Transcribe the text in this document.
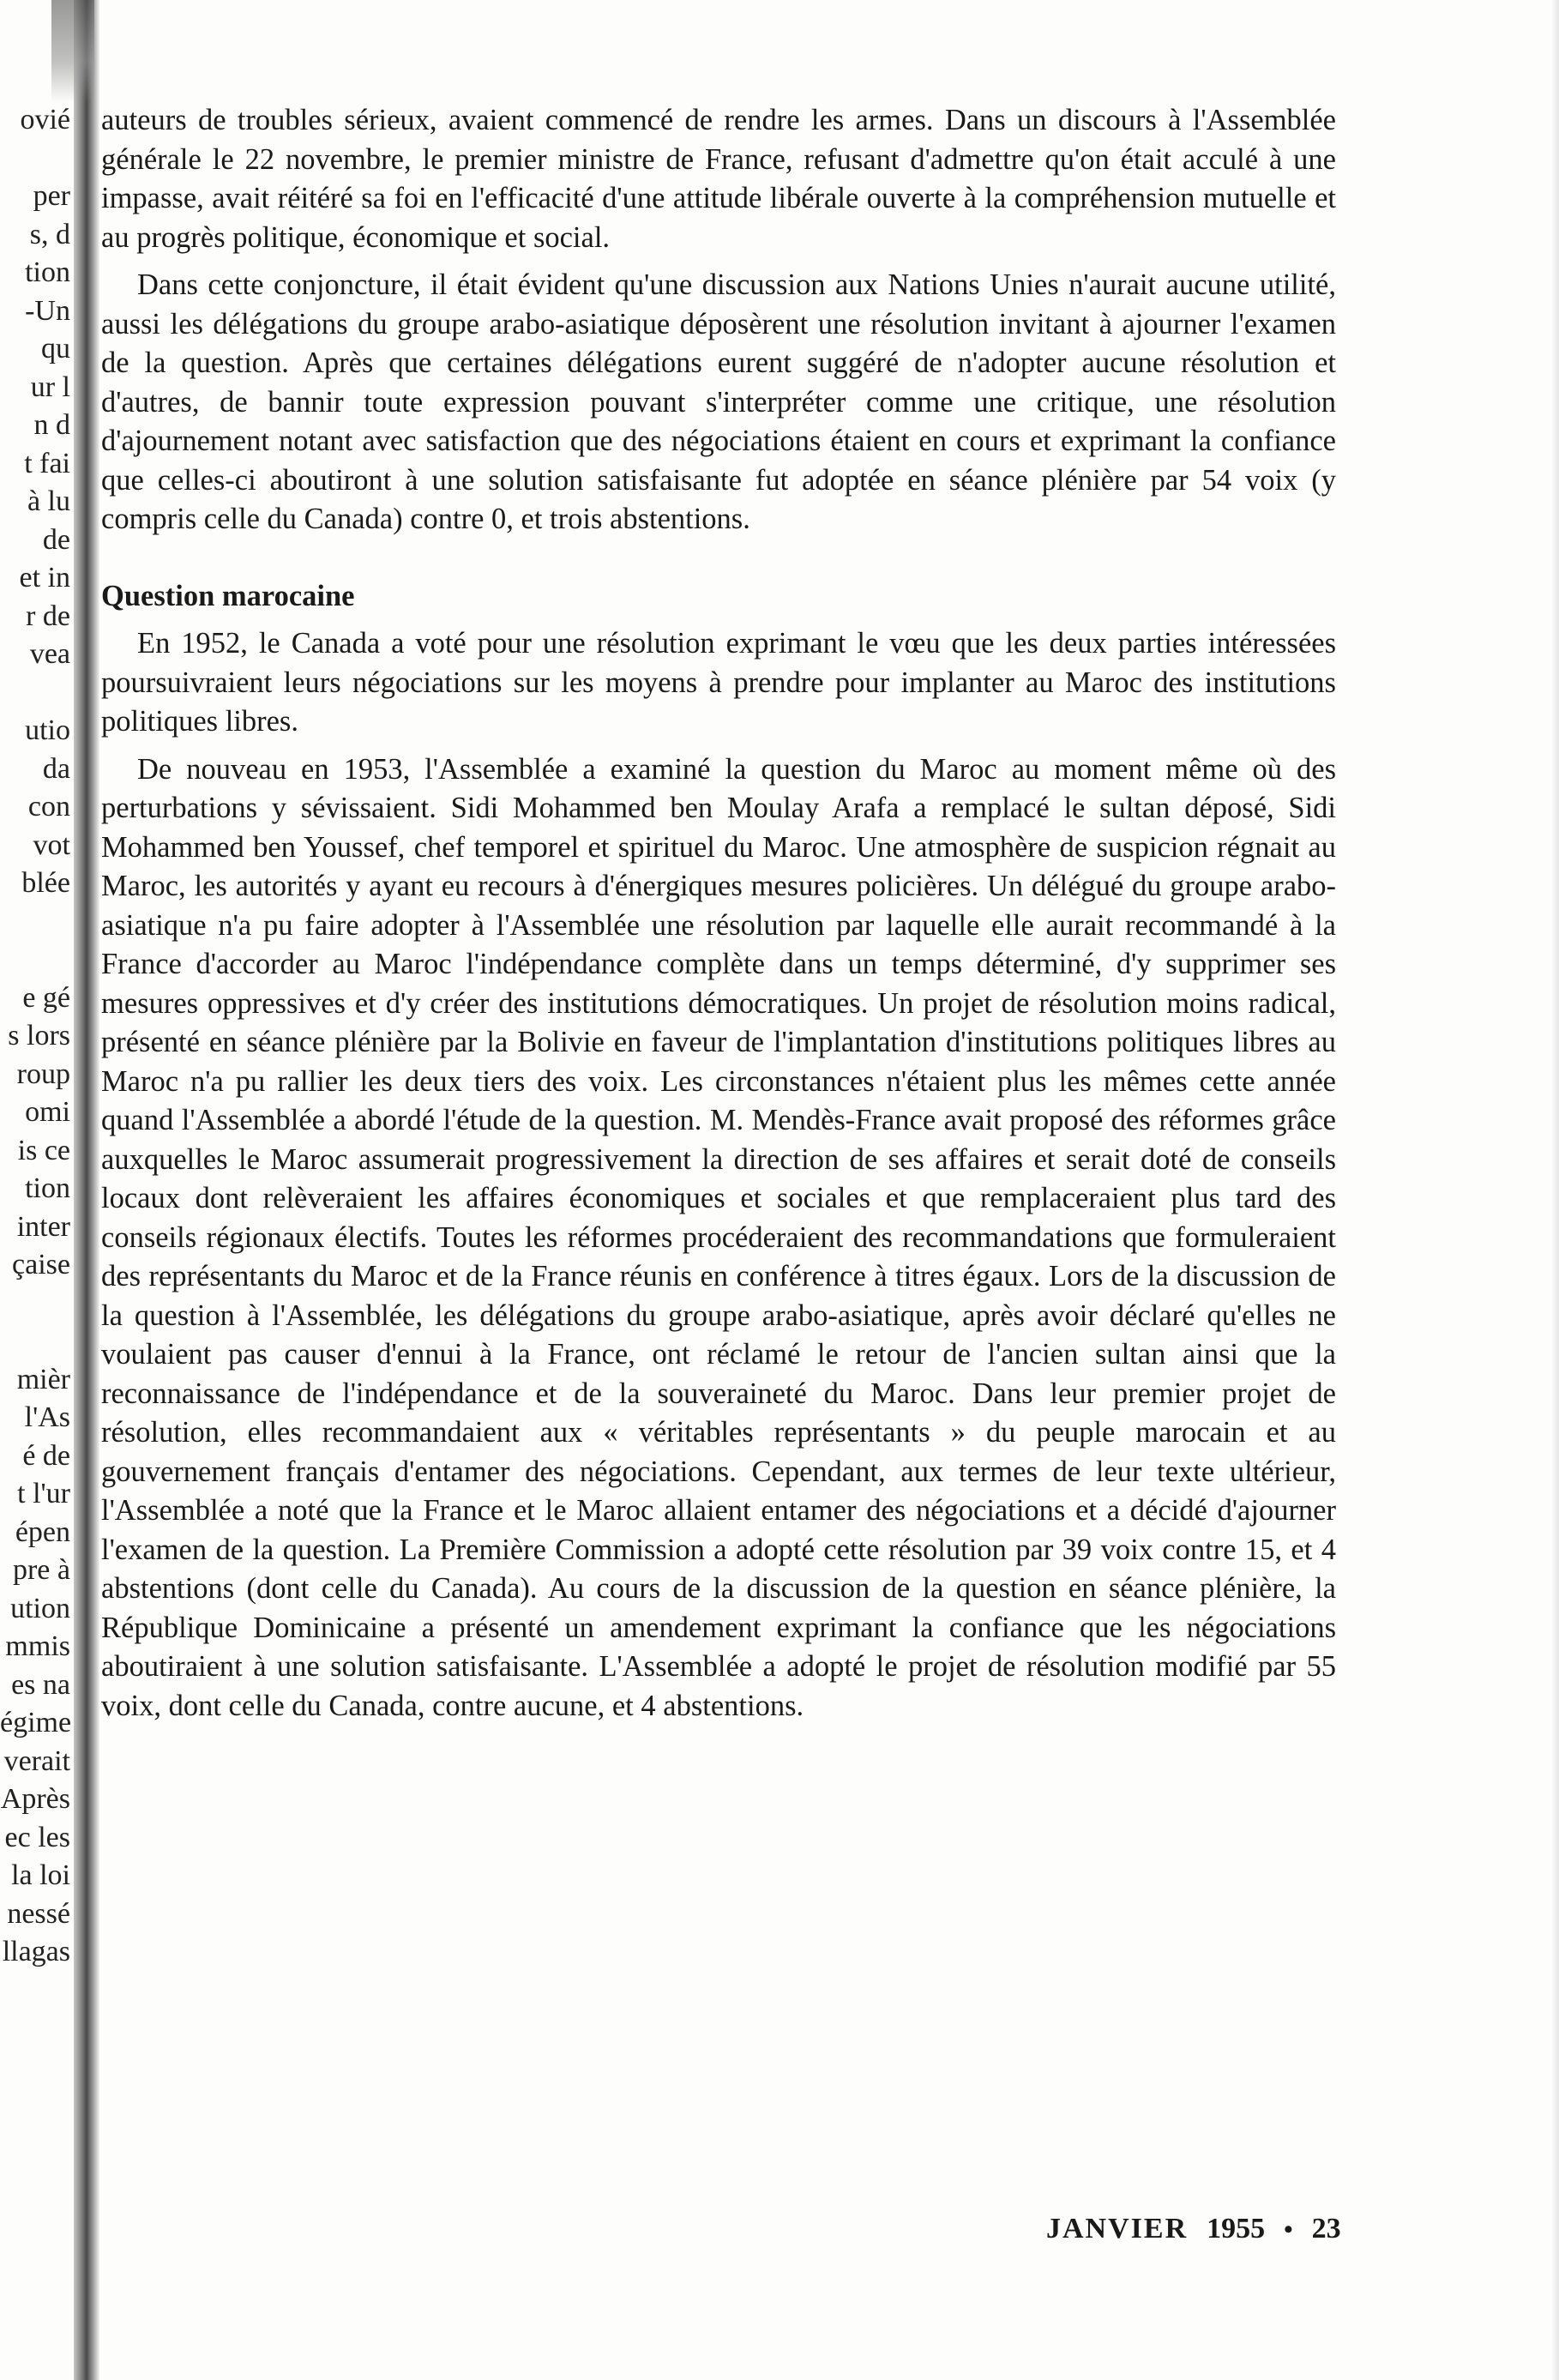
ovié
per
s, d
tion
-Un
qu
ur l
n d
t fai
à lu
de
et in
r de
vea
utio
da
con
vot
blée
e gé
s lors
roup
omi
is ce
tion
inter
çaise
mièr
l'As
é de
t l'ur
épen
pre à
ution
mmis
es na
égime
verait
Après
ec les
la loi
nessé
llagas

auteurs de troubles sérieux, avaient commencé de rendre les armes. Dans un discours à l'Assemblée générale le 22 novembre, le premier ministre de France, refusant d'admettre qu'on était acculé à une impasse, avait réitéré sa foi en l'efficacité d'une attitude libérale ouverte à la compréhension mutuelle et au progrès politique, économique et social.

Dans cette conjoncture, il était évident qu'une discussion aux Nations Unies n'aurait aucune utilité, aussi les délégations du groupe arabo-asiatique déposèrent une résolution invitant à ajourner l'examen de la question. Après que certaines délégations eurent suggéré de n'adopter aucune résolution et d'autres, de bannir toute expression pouvant s'interpréter comme une critique, une résolution d'ajournement notant avec satisfaction que des négociations étaient en cours et exprimant la confiance que celles-ci aboutiront à une solution satisfaisante fut adoptée en séance plénière par 54 voix (y compris celle du Canada) contre 0, et trois abstentions.

Question marocaine

En 1952, le Canada a voté pour une résolution exprimant le vœu que les deux parties intéressées poursuivraient leurs négociations sur les moyens à prendre pour implanter au Maroc des institutions politiques libres.

De nouveau en 1953, l'Assemblée a examiné la question du Maroc au moment même où des perturbations y sévissaient. Sidi Mohammed ben Moulay Arafa a remplacé le sultan déposé, Sidi Mohammed ben Youssef, chef temporel et spirituel du Maroc. Une atmosphère de suspicion régnait au Maroc, les autorités y ayant eu recours à d'énergiques mesures policières. Un délégué du groupe arabo-asiatique n'a pu faire adopter à l'Assemblée une résolution par laquelle elle aurait recommandé à la France d'accorder au Maroc l'indépendance complète dans un temps déterminé, d'y supprimer ses mesures oppressives et d'y créer des institutions démocratiques. Un projet de résolution moins radical, présenté en séance plénière par la Bolivie en faveur de l'implantation d'institutions politiques libres au Maroc n'a pu rallier les deux tiers des voix. Les circonstances n'étaient plus les mêmes cette année quand l'Assemblée a abordé l'étude de la question. M. Mendès-France avait proposé des réformes grâce auxquelles le Maroc assumerait progressivement la direction de ses affaires et serait doté de conseils locaux dont relèveraient les affaires économiques et sociales et que remplaceraient plus tard des conseils régionaux électifs. Toutes les réformes procéderaient des recommandations que formuleraient des représentants du Maroc et de la France réunis en conférence à titres égaux. Lors de la discussion de la question à l'Assemblée, les délégations du groupe arabo-asiatique, après avoir déclaré qu'elles ne voulaient pas causer d'ennui à la France, ont réclamé le retour de l'ancien sultan ainsi que la reconnaissance de l'indépendance et de la souveraineté du Maroc. Dans leur premier projet de résolution, elles recommandaient aux « véritables représentants » du peuple marocain et au gouvernement français d'entamer des négociations. Cependant, aux termes de leur texte ultérieur, l'Assemblée a noté que la France et le Maroc allaient entamer des négociations et a décidé d'ajourner l'examen de la question. La Première Commission a adopté cette résolution par 39 voix contre 15, et 4 abstentions (dont celle du Canada). Au cours de la discussion de la question en séance plénière, la République Dominicaine a présenté un amendement exprimant la confiance que les négociations aboutiraient à une solution satisfaisante. L'Assemblée a adopté le projet de résolution modifié par 55 voix, dont celle du Canada, contre aucune, et 4 abstentions.

JANVIER 1955 • 23
